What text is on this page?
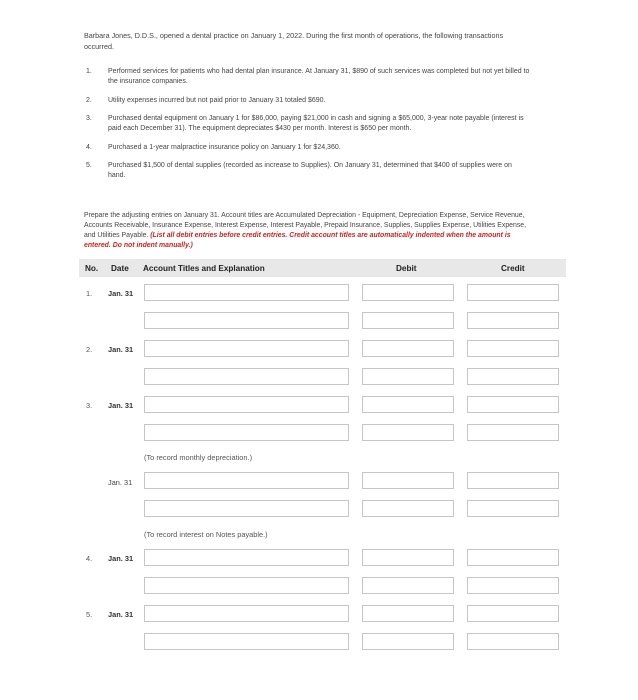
Barbara Jones, D.D.S., opened a dental practice on January 1, 2022. During the first month of operations, the following transactions occurred.
1.	Performed services for patients who had dental plan insurance. At January 31, $890 of such services was completed but not yet billed to the insurance companies.
2.	Utility expenses incurred but not paid prior to January 31 totaled $690.
3.	Purchased dental equipment on January 1 for $86,000, paying $21,000 in cash and signing a $65,000, 3-year note payable (interest is paid each December 31). The equipment depreciates $430 per month. Interest is $650 per month.
4.	Purchased a 1-year malpractice insurance policy on January 1 for $24,360.
5.	Purchased $1,500 of dental supplies (recorded as increase to Supplies). On January 31, determined that $400 of supplies were on hand.
Prepare the adjusting entries on January 31. Account titles are Accumulated Depreciation - Equipment, Depreciation Expense, Service Revenue, Accounts Receivable, Insurance Expense, Interest Expense, Interest Payable, Prepaid Insurance, Supplies, Supplies Expense, Utilities Expense, and Utilities Payable. (List all debit entries before credit entries. Credit account titles are automatically indented when the amount is entered. Do not indent manually.)
No. Date Account Titles and Explanation	Debit	Credit
1. Jan. 31
2. Jan. 31
3. Jan. 31
(To record monthly depreciation.)
Jan. 31
(To record interest on Notes payable.)
4. Jan. 31
5. Jan. 31
